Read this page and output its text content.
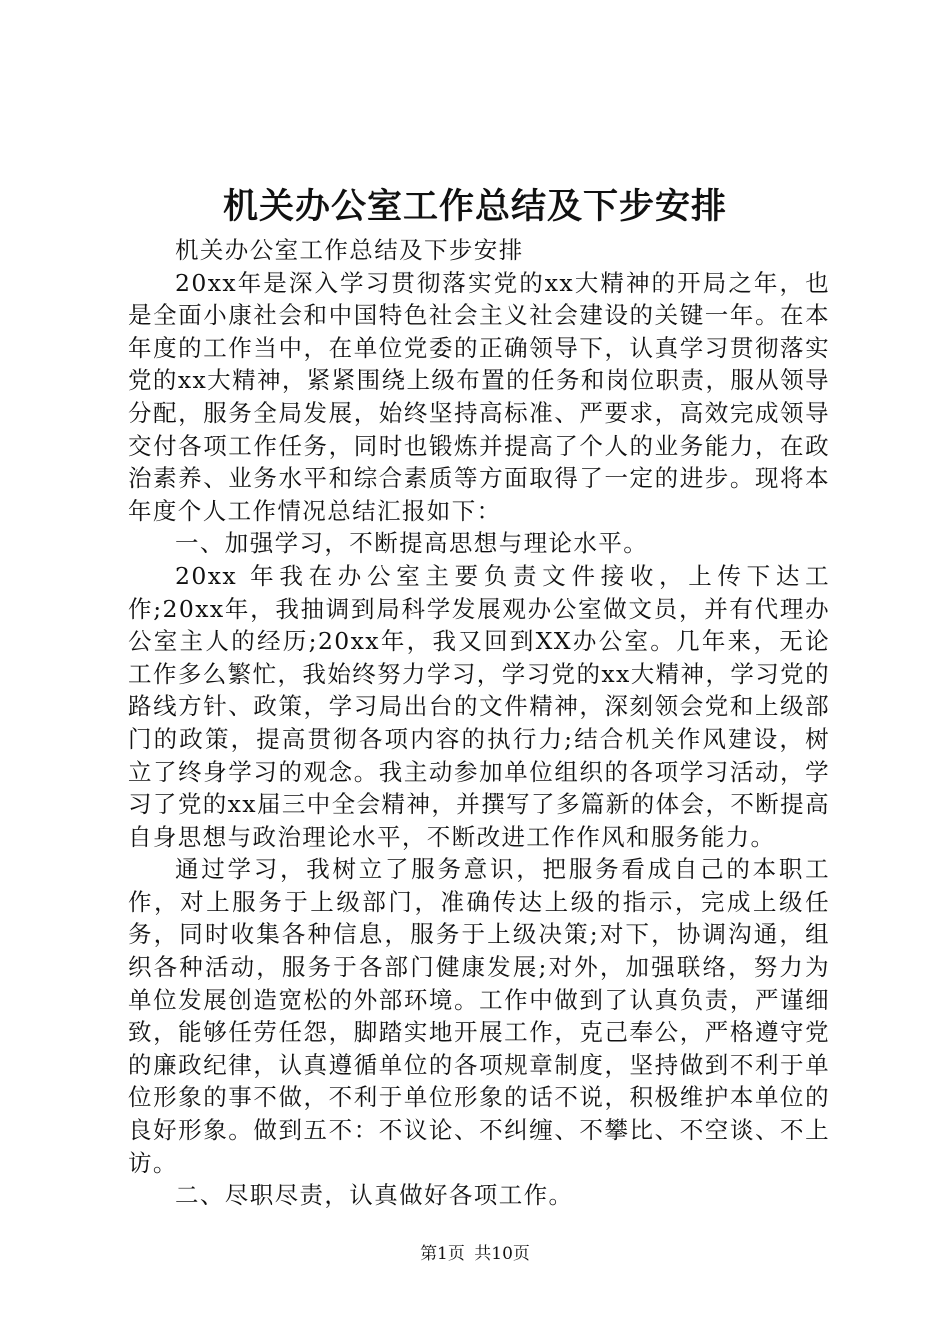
机关办公室工作总结及下步安排

机关办公室工作总结及下步安排

20xx年是深入学习贯彻落实党的xx大精神的开局之年，也是全面小康社会和中国特色社会主义社会建设的关键一年。在本年度的工作当中，在单位党委的正确领导下，认真学习贯彻落实党的xx大精神，紧紧围绕上级布置的任务和岗位职责，服从领导分配，服务全局发展，始终坚持高标准、严要求，高效完成领导交付各项工作任务，同时也锻炼并提高了个人的业务能力，在政治素养、业务水平和综合素质等方面取得了一定的进步。现将本年度个人工作情况总结汇报如下：

一、加强学习，不断提高思想与理论水平。

20xx 年我在办公室主要负责文件接收，上传下达工作;20xx年，我抽调到局科学发展观办公室做文员，并有代理办公室主人的经历;20xx年，我又回到XX办公室。几年来，无论工作多么繁忙，我始终努力学习，学习党的xx大精神，学习党的路线方针、政策，学习局出台的文件精神，深刻领会党和上级部门的政策，提高贯彻各项内容的执行力;结合机关作风建设，树立了终身学习的观念。我主动参加单位组织的各项学习活动，学习了党的xx届三中全会精神，并撰写了多篇新的体会，不断提高自身思想与政治理论水平，不断改进工作作风和服务能力。

通过学习，我树立了服务意识，把服务看成自己的本职工作，对上服务于上级部门，准确传达上级的指示，完成上级任务，同时收集各种信息，服务于上级决策;对下，协调沟通，组织各种活动，服务于各部门健康发展;对外，加强联络，努力为单位发展创造宽松的外部环境。工作中做到了认真负责，严谨细致，能够任劳任怨，脚踏实地开展工作，克己奉公，严格遵守党的廉政纪律，认真遵循单位的各项规章制度，坚持做到不利于单位形象的事不做，不利于单位形象的话不说，积极维护本单位的良好形象。做到五不：不议论、不纠缠、不攀比、不空谈、不上访。

二、尽职尽责，认真做好各项工作。

第1页 共10页
